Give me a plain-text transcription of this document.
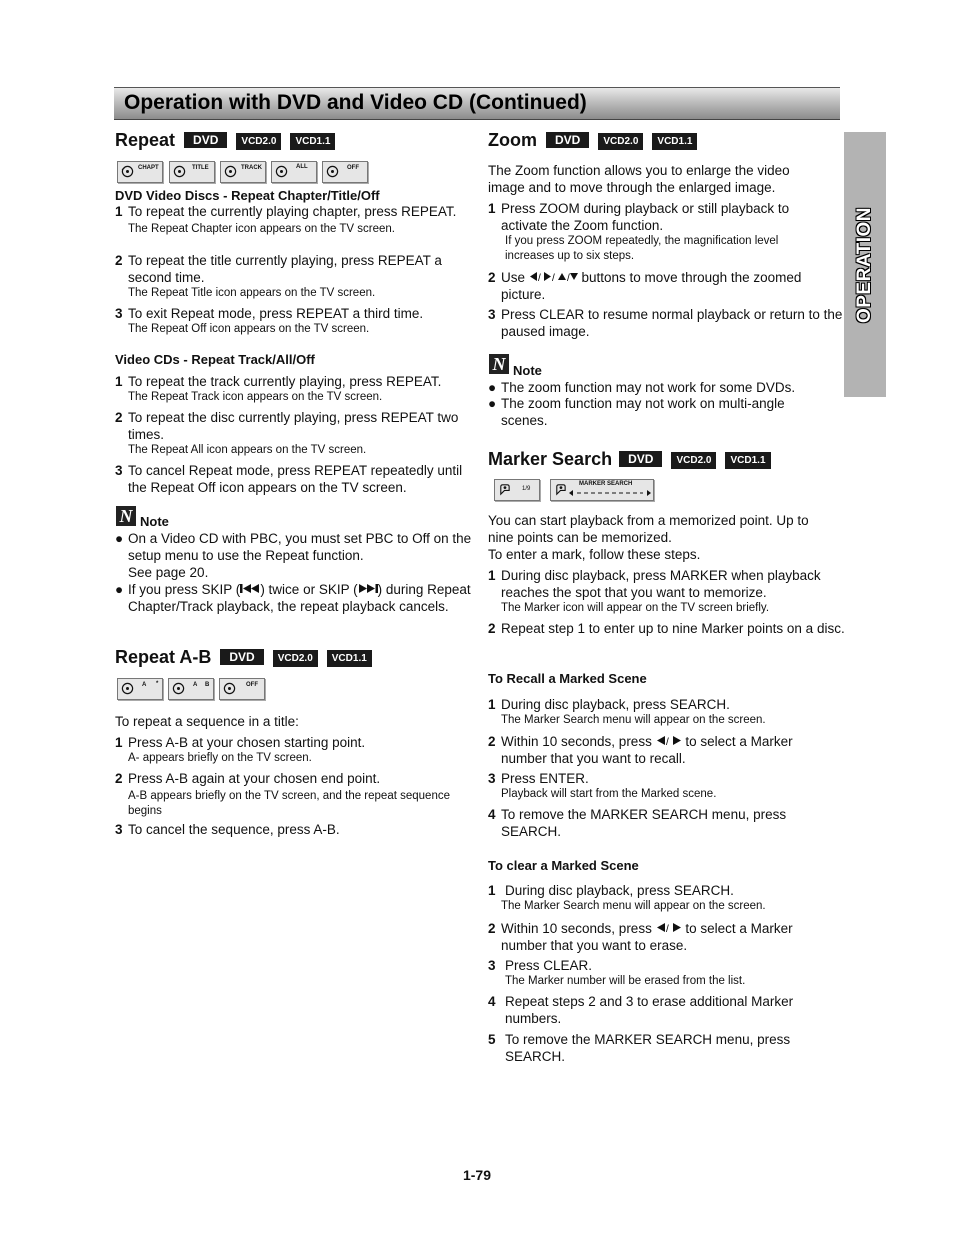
Operation with DVD and Video CD (Continued)
OPERATION
Repeat DVD VCD2.0 VCD1.1
CHAPT	TITLE	TRACK	ALL	OFF
DVD Video Discs - Repeat Chapter/Title/Off
1 To repeat the currently playing chapter, press REPEAT.
The Repeat Chapter icon appears on the TV screen.
2 To repeat the title currently playing, press REPEAT a second time.
The Repeat Title icon appears on the TV screen.
3 To exit Repeat mode, press REPEAT a third time.
The Repeat Off icon appears on the TV screen.
Video CDs - Repeat Track/All/Off
1 To repeat the track currently playing, press REPEAT.
The Repeat Track icon appears on the TV screen.
2 To repeat the disc currently playing, press REPEAT two times.
The Repeat All icon appears on the TV screen.
3 To cancel Repeat mode, press REPEAT repeatedly until the Repeat Off icon appears on the TV screen.
N Note
● On a Video CD with PBC, you must set PBC to Off on the setup menu to use the Repeat function.
See page 20.
● If you press SKIP ( ) twice or SKIP ( ) during Repeat Chapter/Track playback, the repeat playback cancels.
Repeat A-B DVD VCD2.0 VCD1.1
A *	A B	OFF
To repeat a sequence in a title:
1 Press A-B at your chosen starting point.
A- appears briefly on the TV screen.
2 Press A-B again at your chosen end point.
A-B appears briefly on the TV screen, and the repeat sequence begins
3 To cancel the sequence, press A-B.
Zoom DVD VCD2.0 VCD1.1
The Zoom function allows you to enlarge the video image and to move through the enlarged image.
1 Press ZOOM during playback or still playback to activate the Zoom function.
If you press ZOOM repeatedly, the magnification level increases up to six steps.
2 Use / / / buttons to move through the zoomed picture.
3 Press CLEAR to resume normal playback or return to the paused image.
N Note
● The zoom function may not work for some DVDs.
● The zoom function may not work on multi-angle scenes.
Marker Search DVD VCD2.0 VCD1.1
1/9
MARKER SEARCH
You can start playback from a memorized point. Up to nine points can be memorized.
To enter a mark, follow these steps.
1 During disc playback, press MARKER when playback reaches the spot that you want to memorize.
The Marker icon will appear on the TV screen briefly.
2 Repeat step 1 to enter up to nine Marker points on a disc.
To Recall a Marked Scene
1 During disc playback, press SEARCH.
The Marker Search menu will appear on the screen.
2 Within 10 seconds, press / to select a Marker number that you want to recall.
3 Press ENTER.
Playback will start from the Marked scene.
4 To remove the MARKER SEARCH menu, press SEARCH.
To clear a Marked Scene
1 During disc playback, press SEARCH.
The Marker Search menu will appear on the screen.
2 Within 10 seconds, press / to select a Marker number that you want to erase.
3 Press CLEAR.
The Marker number will be erased from the list.
4 Repeat steps 2 and 3 to erase additional Marker numbers.
5 To remove the MARKER SEARCH menu, press SEARCH.
1-79
